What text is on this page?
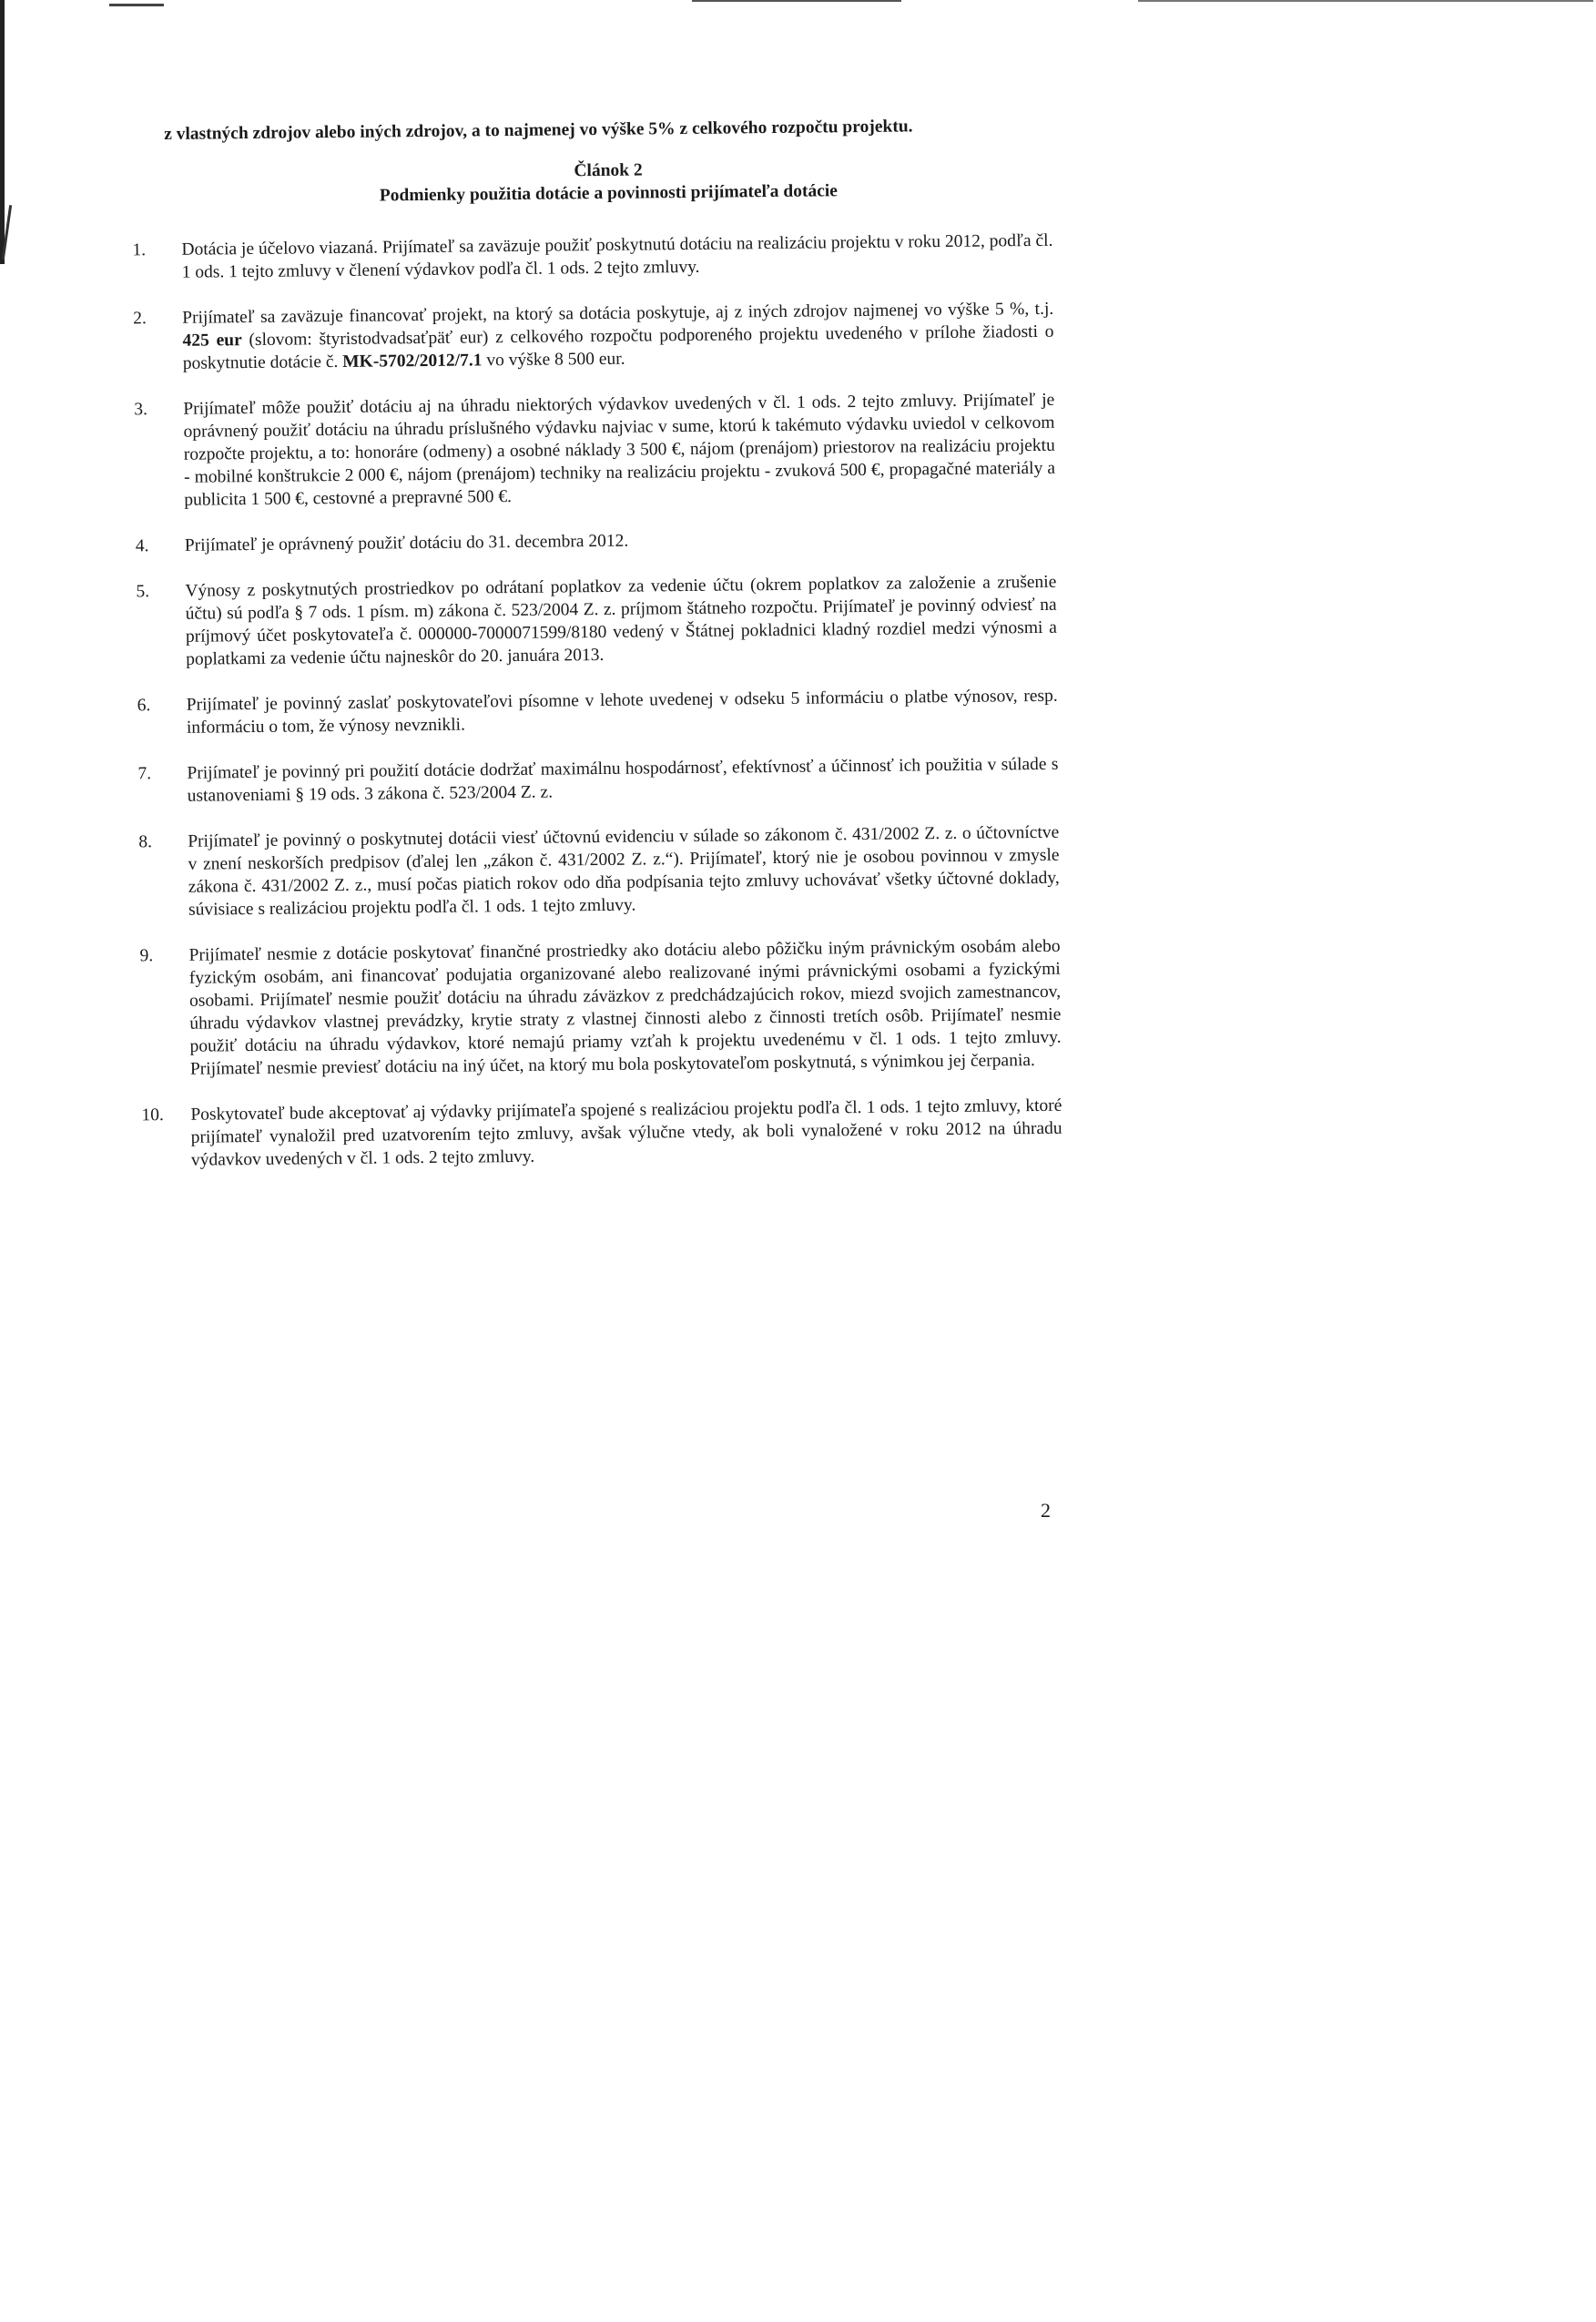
z vlastných zdrojov alebo iných zdrojov, a to najmenej vo výške 5% z celkového rozpočtu projektu.

Článok 2

Podmienky použitia dotácie a povinnosti prijímateľa dotácie

1.	Dotácia je účelovo viazaná. Prijímateľ sa zaväzuje použiť poskytnutú dotáciu na realizáciu projektu v roku 2012, podľa čl. 1 ods. 1 tejto zmluvy v členení výdavkov podľa čl. 1 ods. 2 tejto zmluvy.
2.	Prijímateľ sa zaväzuje financovať projekt, na ktorý sa dotácia poskytuje, aj z iných zdrojov najmenej vo výške 5 %, t.j. 425 eur (slovom: štyristodvadsaťpäť eur) z celkového rozpočtu podporeného projektu uvedeného v prílohe žiadosti o poskytnutie dotácie č. MK-5702/2012/7.1 vo výške 8 500 eur.
3.	Prijímateľ môže použiť dotáciu aj na úhradu niektorých výdavkov uvedených v čl. 1 ods. 2 tejto zmluvy. Prijímateľ je oprávnený použiť dotáciu na úhradu príslušného výdavku najviac v sume, ktorú k takémuto výdavku uviedol v celkovom rozpočte projektu, a to: honoráre (odmeny) a osobné náklady 3 500 €, nájom (prenájom) priestorov na realizáciu projektu - mobilné konštrukcie 2 000 €, nájom (prenájom) techniky na realizáciu projektu - zvuková 500 €, propagačné materiály a publicita 1 500 €, cestovné a prepravné 500 €.
4.	Prijímateľ je oprávnený použiť dotáciu do 31. decembra 2012.
5.	Výnosy z poskytnutých prostriedkov po odrátaní poplatkov za vedenie účtu (okrem poplatkov za založenie a zrušenie účtu) sú podľa § 7 ods. 1 písm. m) zákona č. 523/2004 Z. z. príjmom štátneho rozpočtu. Prijímateľ je povinný odviesť na príjmový účet poskytovateľa č. 000000-7000071599/8180 vedený v Štátnej pokladnici kladný rozdiel medzi výnosmi a poplatkami za vedenie účtu najneskôr do 20. januára 2013.
6.	Prijímateľ je povinný zaslať poskytovateľovi písomne v lehote uvedenej v odseku 5 informáciu o platbe výnosov, resp. informáciu o tom, že výnosy nevznikli.
7.	Prijímateľ je povinný pri použití dotácie dodržať maximálnu hospodárnosť, efektívnosť a účinnosť ich použitia v súlade s ustanoveniami § 19 ods. 3 zákona č. 523/2004 Z. z.
8.	Prijímateľ je povinný o poskytnutej dotácii viesť účtovnú evidenciu v súlade so zákonom č. 431/2002 Z. z. o účtovníctve v znení neskorších predpisov (ďalej len „zákon č. 431/2002 Z. z.“). Prijímateľ, ktorý nie je osobou povinnou v zmysle zákona č. 431/2002 Z. z., musí počas piatich rokov odo dňa podpísania tejto zmluvy uchovávať všetky účtovné doklady, súvisiace s realizáciou projektu podľa čl. 1 ods. 1 tejto zmluvy.
9.	Prijímateľ nesmie z dotácie poskytovať finančné prostriedky ako dotáciu alebo pôžičku iným právnickým osobám alebo fyzickým osobám, ani financovať podujatia organizované alebo realizované inými právnickými osobami a fyzickými osobami. Prijímateľ nesmie použiť dotáciu na úhradu záväzkov z predchádzajúcich rokov, miezd svojich zamestnancov, úhradu výdavkov vlastnej prevádzky, krytie straty z vlastnej činnosti alebo z činnosti tretích osôb. Prijímateľ nesmie použiť dotáciu na úhradu výdavkov, ktoré nemajú priamy vzťah k projektu uvedenému v čl. 1 ods. 1 tejto zmluvy. Prijímateľ nesmie previesť dotáciu na iný účet, na ktorý mu bola poskytovateľom poskytnutá, s výnimkou jej čerpania.
10.	Poskytovateľ bude akceptovať aj výdavky prijímateľa spojené s realizáciou projektu podľa čl. 1 ods. 1 tejto zmluvy, ktoré prijímateľ vynaložil pred uzatvorením tejto zmluvy, avšak výlučne vtedy, ak boli vynaložené v roku 2012 na úhradu výdavkov uvedených v čl. 1 ods. 2 tejto zmluvy.
2
